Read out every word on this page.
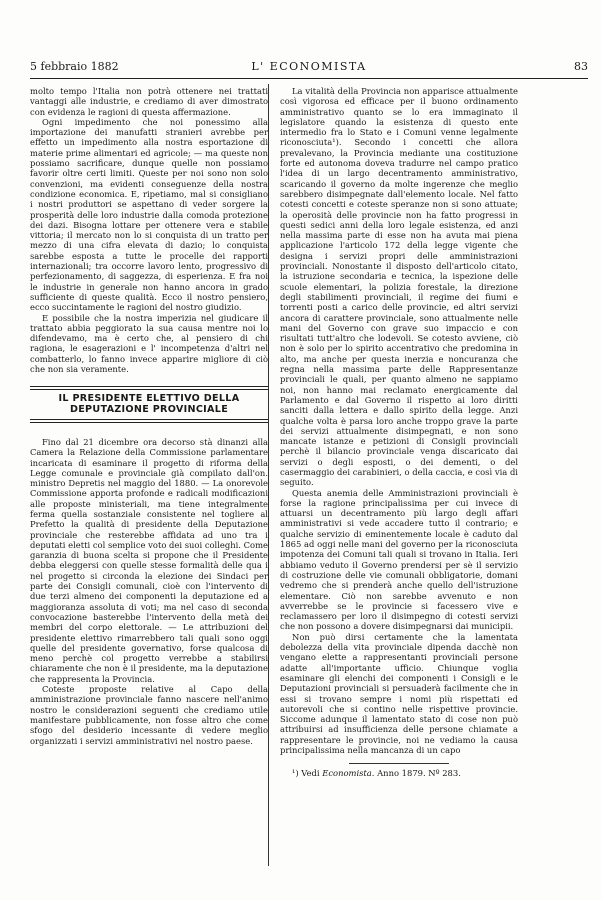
5 febbraio 1882	L' ECONOMISTA	83

molto tempo l'Italia non potrà ottenere nei trattati vantaggi alle industrie, e crediamo di aver dimostrato con evidenza le ragioni di questa affermazione.

Ogni impedimento che noi ponessimo alla importazione dei manufatti stranieri avrebbe per effetto un impedimento alla nostra esportazione di materie prime alimentari ed agricole; — ma queste non possiamo sacrificare, dunque quelle non possiamo favorir oltre certi limiti. Queste per noi sono non solo convenzioni, ma evidenti conseguenze della nostra condizione economica. E, ripetiamo, mal si consigliano i nostri produttori se aspettano di veder sorgere la prosperità delle loro industrie dalla comoda protezione dei dazi. Bisogna lottare per ottenere vera e stabile vittoria; il mercato non lo si conquista di un tratto per mezzo di una cifra elevata di dazio; lo conquista sarebbe esposta a tutte le procelle dei rapporti internazionali; tra occorre lavoro lento, progressivo di perfezionamento, di saggezza, di esperienza. E fra noi le industrie in generale non hanno ancora in grado sufficiente di queste qualità. Ecco il nostro pensiero, ecco succintamente le ragioni del nostro giudizio.

E possibile che la nostra imperizia nel giudicare il trattato abbia peggiorato la sua causa mentre noi lo difendevamo, ma è certo che, al pensiero di chi ragiona, le esagerazioni e l' incompetenza d'altri nel combatterlo, lo fanno invece apparire migliore di ciò che non sia veramente.

IL PRESIDENTE ELETTIVO DELLA DEPUTAZIONE PROVINCIALE

Fino dal 21 dicembre ora decorso stà dinanzi alla Camera la Relazione della Commissione parlamentare incaricata di esaminare il progetto di riforma della Legge comunale e provinciale già compilato dall'on. ministro Depretis nel maggio del 1880. — La onorevole Commissione apporta profonde e radicali modificazioni alle proposte ministeriali, ma tiene integralmente ferma quella sostanziale consistente nel togliere al Prefetto la qualità di presidente della Deputazione provinciale che resterebbe affidata ad uno tra i deputati eletti col semplice voto dei suoi colleghi. Come garanzia di buona scelta si propone che il Presidente debba eleggersi con quelle stesse formalità delle qua i nel progetto si circonda la elezione dei Sindaci per parte dei Consigli comunali, cioè con l'intervento di due terzi almeno dei componenti la deputazione ed a maggioranza assoluta di voti; ma nel caso di seconda convocazione basterebbe l'intervento della metà dei membri del corpo elettorale. — Le attribuzioni del presidente elettivo rimarrebbero tali quali sono oggi quelle del presidente governativo, forse qualcosa di meno perchè col progetto verrebbe a stabilirsi chiaramente che non è il presidente, ma la deputazione che rappresenta la Provincia.

Coteste proposte relative al Capo della amministrazione provinciale fanno nascere nell'animo nostro le considerazioni seguenti che crediamo utile manifestare pubblicamente, non fosse altro che come sfogo del desiderio incessante di vedere meglio organizzati i servizi amministrativi nel nostro paese.

La vitalità della Provincia non apparisce attualmente così vigorosa ed efficace per il buono ordinamento amministrativo quanto se lo era immaginato il legislatore quando la esistenza di questo ente intermedio fra lo Stato e i Comuni venne legalmente riconosciuta¹). Secondo i concetti che allora prevalevano, la Provincia mediante una costituzione forte ed autonoma doveva tradurre nel campo pratico l'idea di un largo decentramento amministrativo, scaricando il governo da molte ingerenze che meglio sarebbero disimpegnate dall'elemento locale. Nel fatto cotesti concetti e coteste speranze non si sono attuate; la operosità delle provincie non ha fatto progressi in questi sedici anni della loro legale esistenza, ed anzi nella massima parte di esse non ha avuta mai piena applicazione l'articolo 172 della legge vigente che designa i servizi propri delle amministrazioni provinciali. Nonostante il disposto dell'articolo citato, la istruzione secondaria e tecnica, la ispezione delle scuole elementari, la polizia forestale, la direzione degli stabilimenti provinciali, il regime dei fiumi e torrenti posti a carico delle provincie, ed altri servizi ancora di carattere provinciale, sono attualmente nelle mani del Governo con grave suo impaccio e con risultati tutt'altro che lodevoli. Se cotesto avviene, ciò non è solo per lo spirito accentrativo che predomina in alto, ma anche per questa inerzia e noncuranza che regna nella massima parte delle Rappresentanze provinciali le quali, per quanto almeno ne sappiamo noi, non hanno mai reclamato energicamente dal Parlamento e dal Governo il rispetto ai loro diritti sanciti dalla lettera e dallo spirito della legge. Anzi qualche volta è parsa loro anche troppo grave la parte dei servizi attualmente disimpegnati, e non sono mancate istanze e petizioni di Consigli provinciali perchè il bilancio provinciale venga discaricato dai servizi o degli esposti, o dei dementi, o del casermaggio dei carabinieri, o della caccia, e così via di seguito.

Questa anemia delle Amministrazioni provinciali è forse la ragione principalissima per cui invece di attuarsi un decentramento più largo degli affari amministrativi si vede accadere tutto il contrario; e qualche servizio di eminentemente locale è caduto dal 1865 ad oggi nelle mani del governo per la riconosciuta impotenza dei Comuni tali quali si trovano in Italia. Ieri abbiamo veduto il Governo prendersi per sè il servizio di costruzione delle vie comunali obbligatorie, domani vedremo che si prenderà anche quello dell'istruzione elementare. Ciò non sarebbe avvenuto e non avverrebbe se le provincie si facessero vive e reclamassero per loro il disimpegno di cotesti servizi che non possono a dovere disimpegnarsi dai municipii.

Non può dirsi certamente che la lamentata debolezza della vita provinciale dipenda dacchè non vengano elette a rappresentanti provinciali persone adatte all'importante ufficio. Chiunque voglia esaminare gli elenchi dei componenti i Consigli e le Deputazioni provinciali si persuaderà facilmente che in essi si trovano sempre i nomi più rispettati ed autorevoli che si contino nelle rispettive provincie. Siccome adunque il lamentato stato di cose non può attribuirsi ad insufficienza delle persone chiamate a rappresentare le provincie, noi ne vediamo la causa principalissima nella mancanza di un capo

¹) Vedi Economista. Anno 1879. Nº 283.
